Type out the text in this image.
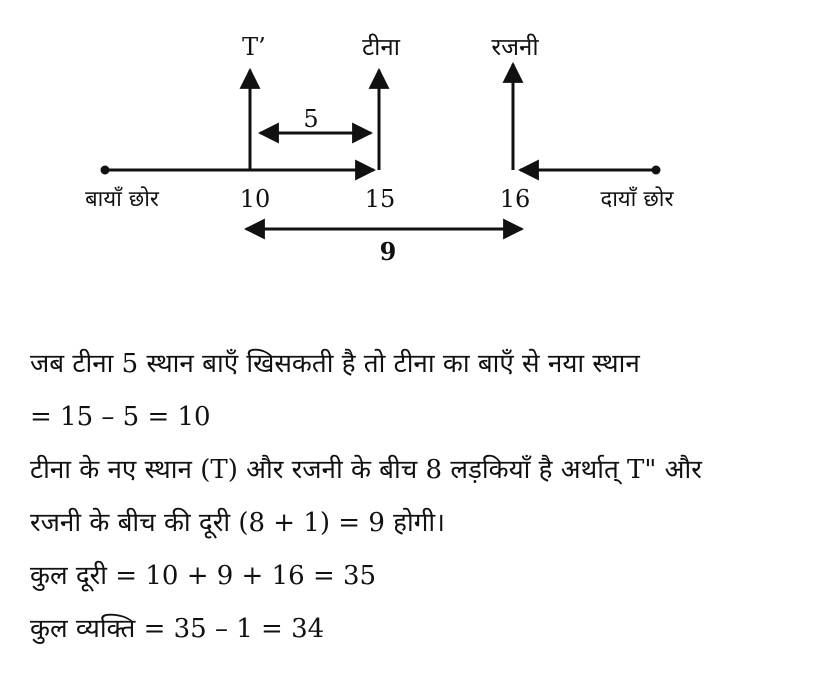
T’	टीना	रजनी
5
बायाँ छोर	10	15	16	दायाँ छोर
9
जब टीना 5 स्थान बाएँ खिसकती है तो टीना का बाएँ से नया स्थान
= 15 – 5 = 10
टीना के नए स्थान (T) और रजनी के बीच 8 लड़कियाँ है अर्थात् T" और
रजनी के बीच की दूरी (8 + 1) = 9 होगी।
कुल दूरी = 10 + 9 + 16 = 35
कुल व्यक्ति = 35 – 1 = 34
